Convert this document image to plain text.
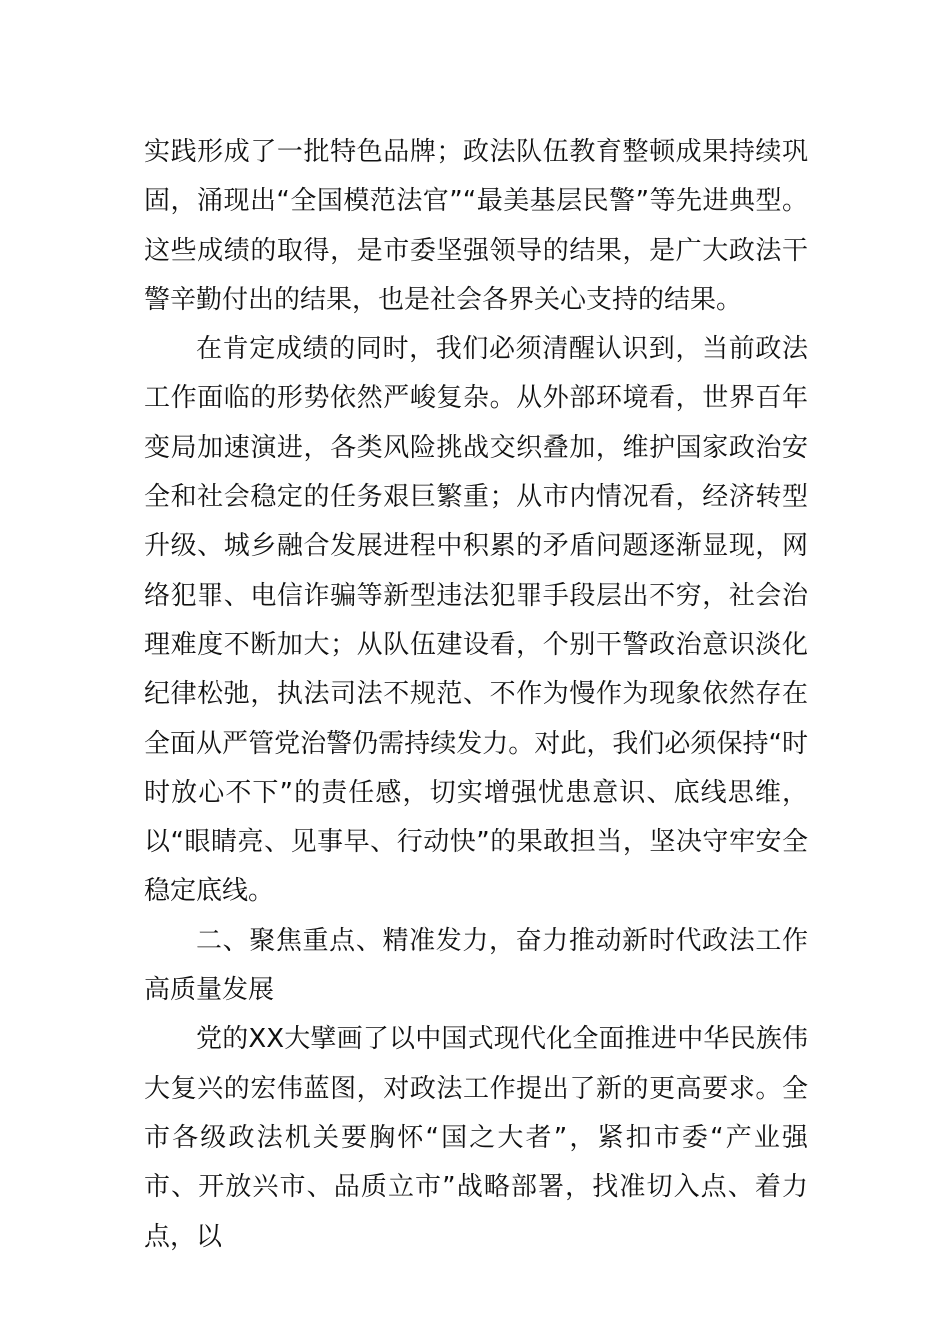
实践形成了一批特色品牌；政法队伍教育整顿成果持续巩固，涌现出“全国模范法官”“最美基层民警”等先进典型。这些成绩的取得，是市委坚强领导的结果，是广大政法干警辛勤付出的结果，也是社会各界关心支持的结果。

在肯定成绩的同时，我们必须清醒认识到，当前政法工作面临的形势依然严峻复杂。从外部环境看，世界百年变局加速演进，各类风险挑战交织叠加，维护国家政治安全和社会稳定的任务艰巨繁重；从市内情况看，经济转型升级、城乡融合发展进程中积累的矛盾问题逐渐显现，网络犯罪、电信诈骗等新型违法犯罪手段层出不穷，社会治理难度不断加大；从队伍建设看，个别干警政治意识淡化纪律松弛，执法司法不规范、不作为慢作为现象依然存在全面从严管党治警仍需持续发力。对此，我们必须保持“时时放心不下”的责任感，切实增强忧患意识、底线思维，以“眼睛亮、见事早、行动快”的果敢担当，坚决守牢安全稳定底线。

二、聚焦重点、精准发力，奋力推动新时代政法工作高质量发展

党的XX大擘画了以中国式现代化全面推进中华民族伟大复兴的宏伟蓝图，对政法工作提出了新的更高要求。全市各级政法机关要胸怀“国之大者”，紧扣市委“产业强市、开放兴市、品质立市”战略部署，找准切入点、着力点，以
